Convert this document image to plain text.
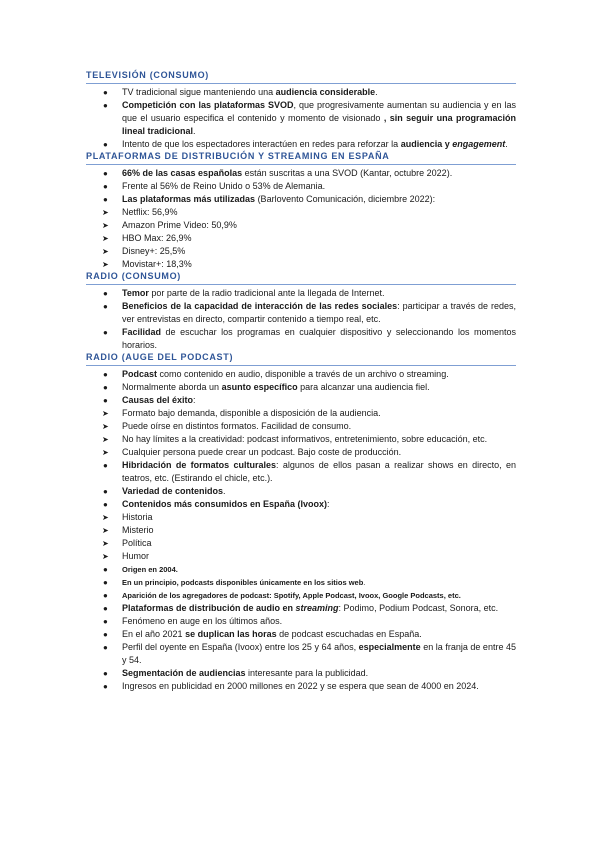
TELEVISIÓN (CONSUMO)
●	TV tradicional sigue manteniendo una audiencia considerable.
●	Competición con las plataformas SVOD, que progresivamente aumentan su audiencia y en las que el usuario especifica el contenido y momento de visionado , sin seguir una programación lineal tradicional.
●	Intento de que los espectadores interactúen en redes para reforzar la audiencia y engagement.
PLATAFORMAS DE DISTRIBUCIÓN Y STREAMING EN ESPAÑA
●	66% de las casas españolas están suscritas a una SVOD (Kantar, octubre 2022).
●	Frente al 56% de Reino Unido o 53% de Alemania.
●	Las plataformas más utilizadas (Barlovento Comunicación, diciembre 2022):
➤	Netflix: 56,9%
➤	Amazon Prime Video: 50,9%
➤	HBO Max: 26,9%
➤	Disney+: 25,5%
➤	Movistar+: 18,3%
RADIO (CONSUMO)
●	Temor por parte de la radio tradicional ante la llegada de Internet.
●	Beneficios de la capacidad de interacción de las redes sociales: participar a través de redes, ver entrevistas en directo, compartir contenido a tiempo real, etc.
●	Facilidad de escuchar los programas en cualquier dispositivo y seleccionando los momentos horarios.
RADIO (AUGE DEL PODCAST)
●	Podcast como contenido en audio, disponible a través de un archivo o streaming.
●	Normalmente aborda un asunto específico para alcanzar una audiencia fiel.
●	Causas del éxito:
➤	Formato bajo demanda, disponible a disposición de la audiencia.
➤	Puede oírse en distintos formatos. Facilidad de consumo.
➤	No hay límites a la creatividad: podcast informativos, entretenimiento, sobre educación, etc.
➤	Cualquier persona puede crear un podcast. Bajo coste de producción.
●	Hibridación de formatos culturales: algunos de ellos pasan a realizar shows en directo, en teatros, etc. (Estirando el chicle, etc.).
●	Variedad de contenidos.
●	Contenidos más consumidos en España (Ivoox):
➤	Historia
➤	Misterio
➤	Política
➤	Humor
●	Origen en 2004.
●	En un principio, podcasts disponibles únicamente en los sitios web.
●	Aparición de los agregadores de podcast: Spotify, Apple Podcast, Ivoox, Google Podcasts, etc.
●	Plataformas de distribución de audio en streaming: Podimo, Podium Podcast, Sonora, etc.
●	Fenómeno en auge en los últimos años.
●	En el año 2021 se duplican las horas de podcast escuchadas en España.
●	Perfil del oyente en España (Ivoox) entre los 25 y 64 años, especialmente en la franja de entre 45 y 54.
●	Segmentación de audiencias interesante para la publicidad.
●	Ingresos en publicidad en 2000 millones en 2022 y se espera que sean de 4000 en 2024.
